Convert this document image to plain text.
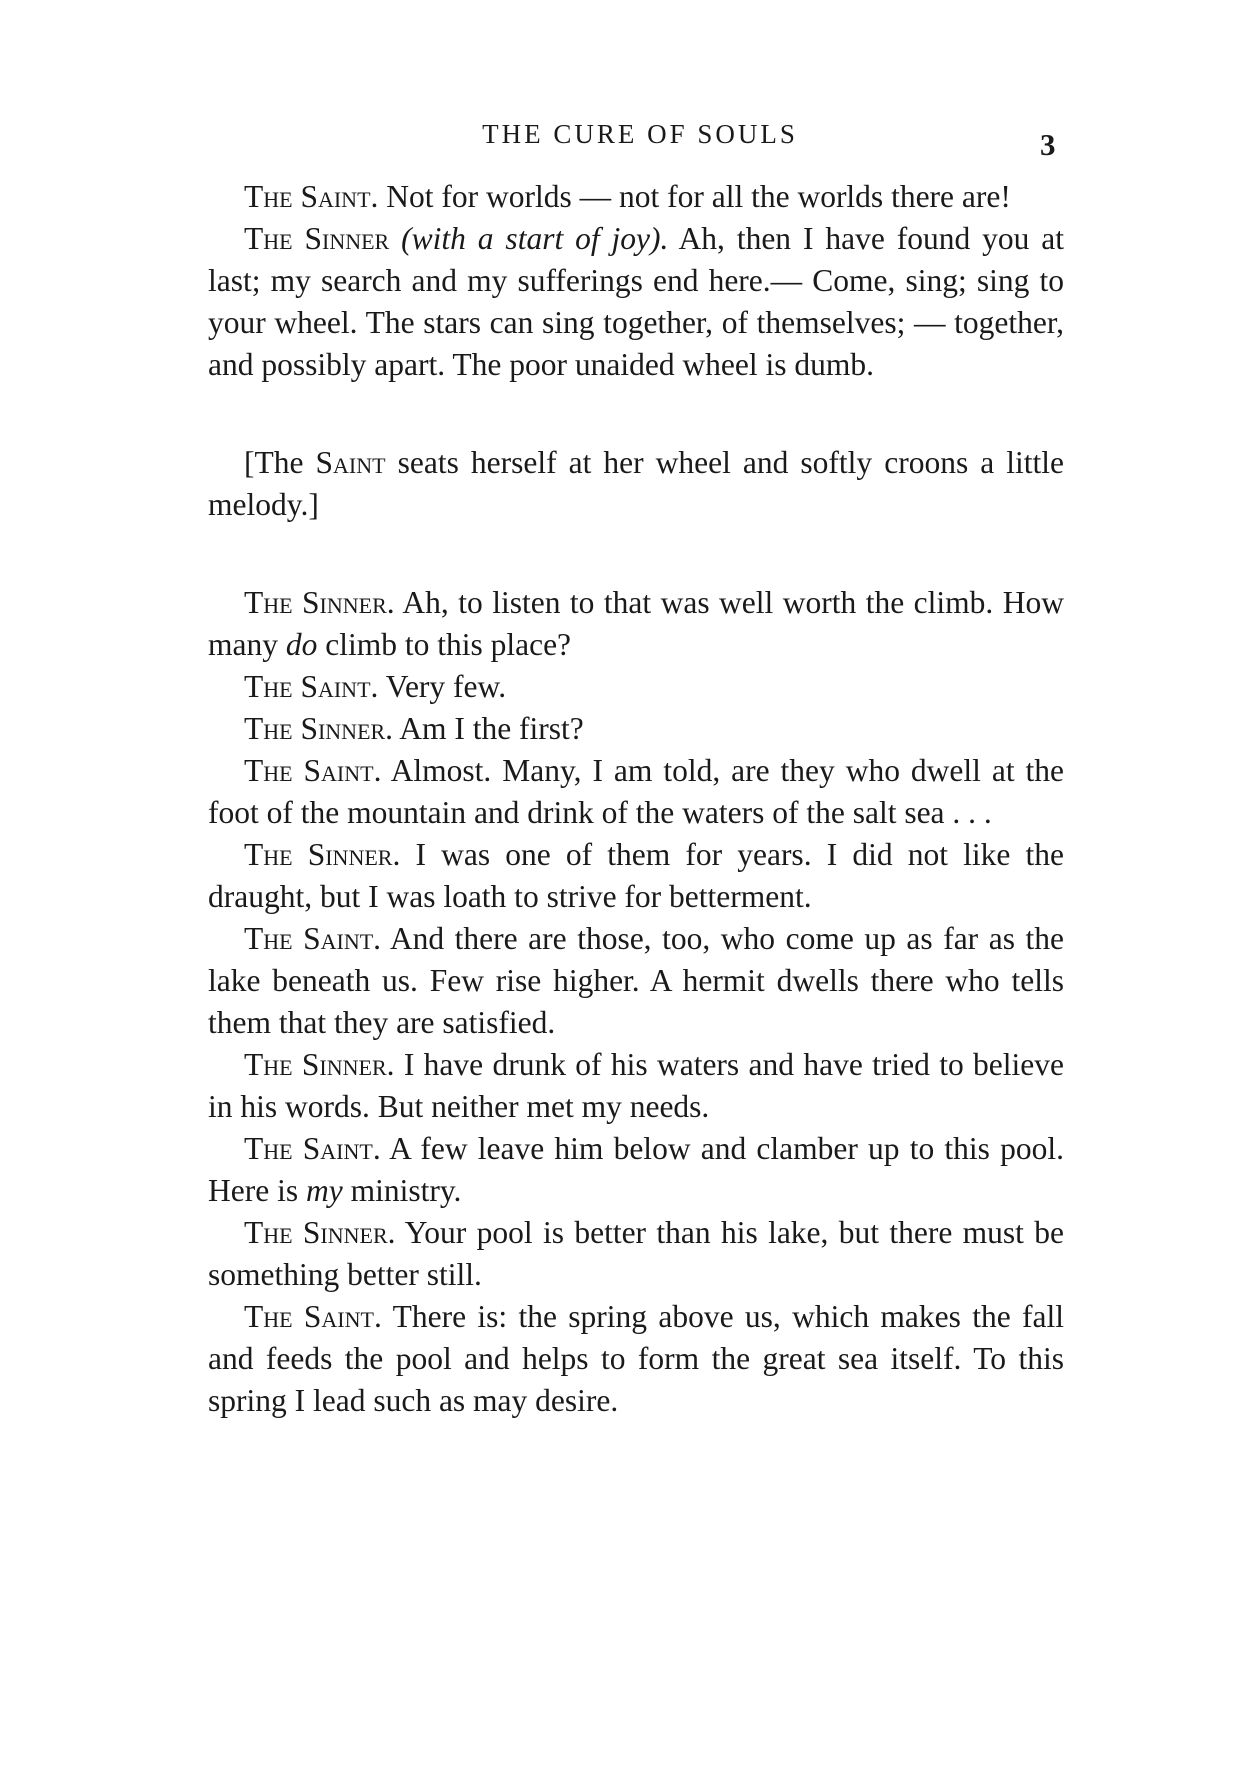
THE CURE OF SOULS	3

The Saint. Not for worlds — not for all the worlds there are!

The Sinner (with a start of joy). Ah, then I have found you at last; my search and my sufferings end here.— Come, sing; sing to your wheel. The stars can sing together, of themselves; — together, and possibly apart. The poor unaided wheel is dumb.

[The Saint seats herself at her wheel and softly croons a little melody.]

The Sinner. Ah, to listen to that was well worth the climb. How many do climb to this place?

The Saint. Very few.

The Sinner. Am I the first?

The Saint. Almost. Many, I am told, are they who dwell at the foot of the mountain and drink of the waters of the salt sea . . .

The Sinner. I was one of them for years. I did not like the draught, but I was loath to strive for betterment.

The Saint. And there are those, too, who come up as far as the lake beneath us. Few rise higher. A hermit dwells there who tells them that they are satisfied.

The Sinner. I have drunk of his waters and have tried to believe in his words. But neither met my needs.

The Saint. A few leave him below and clamber up to this pool. Here is my ministry.

The Sinner. Your pool is better than his lake, but there must be something better still.

The Saint. There is: the spring above us, which makes the fall and feeds the pool and helps to form the great sea itself. To this spring I lead such as may desire.
